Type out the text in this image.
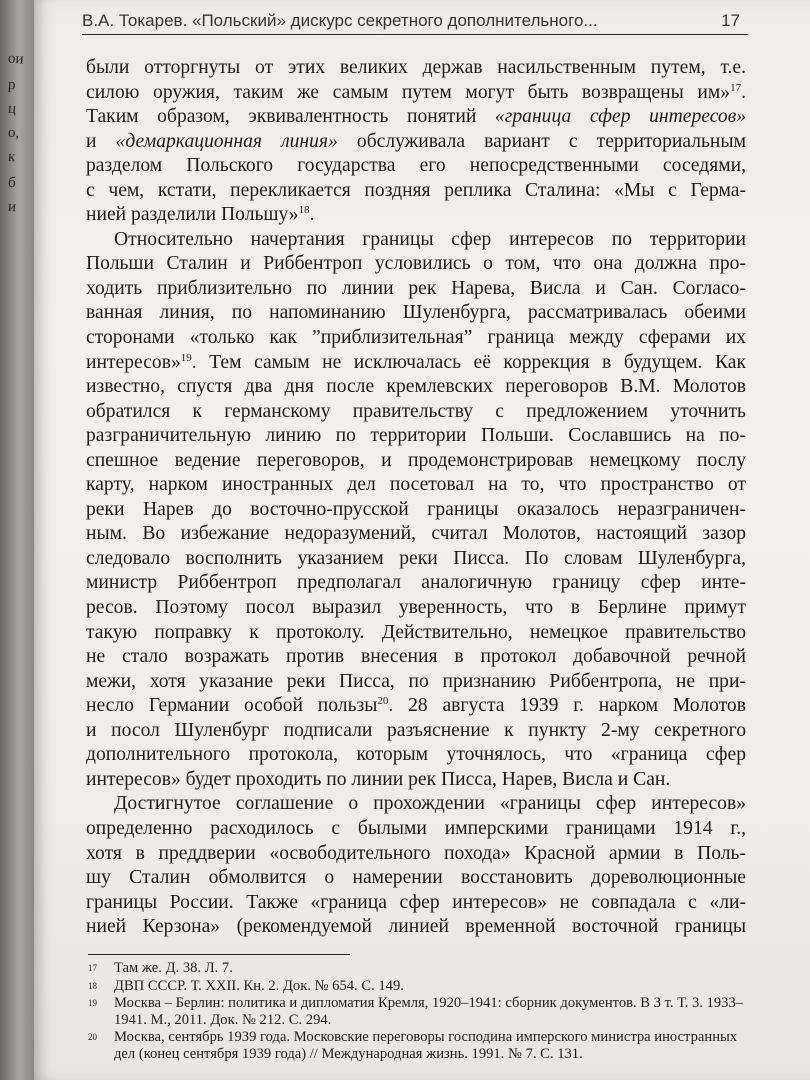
ои
р
ц
о,
к
б
и
В.А. Токарев. «Польский» дискурс секретного дополнительного...	17
были отторгнуты от этих великих держав насильственным путем, т.е.
силою оружия, таким же самым путем могут быть возвращены им»$^{17}$.
Таким образом, эквивалентность понятий «граница сфер интересов»
и «демаркационная линия» обслуживала вариант с территориальным
разделом Польского государства его непосредственными соседями,
с чем, кстати, перекликается поздняя реплика Сталина: «Мы с Герма-
нией разделили Польшу»$^{18}$.
Относительно начертания границы сфер интересов по территории
Польши Сталин и Риббентроп условились о том, что она должна про-
ходить приблизительно по линии рек Нарева, Висла и Сан. Согласо-
ванная линия, по напоминанию Шуленбурга, рассматривалась обеими
сторонами «только как ”приблизительная” граница между сферами их
интересов»$^{19}$. Тем самым не исключалась её коррекция в будущем. Как
известно, спустя два дня после кремлевских переговоров В.М. Молотов
обратился к германскому правительству с предложением уточнить
разграничительную линию по территории Польши. Сославшись на по-
спешное ведение переговоров, и продемонстрировав немецкому послу
карту, нарком иностранных дел посетовал на то, что пространство от
реки Нарев до восточно-прусской границы оказалось неразграничен-
ным. Во избежание недоразумений, считал Молотов, настоящий зазор
следовало восполнить указанием реки Писса. По словам Шуленбурга,
министр Риббентроп предполагал аналогичную границу сфер инте-
ресов. Поэтому посол выразил уверенность, что в Берлине примут
такую поправку к протоколу. Действительно, немецкое правительство
не стало возражать против внесения в протокол добавочной речной
межи, хотя указание реки Писса, по признанию Риббентропа, не при-
несло Германии особой пользы$^{20}$. 28 августа 1939 г. нарком Молотов
и посол Шуленбург подписали разъяснение к пункту 2-му секретного
дополнительного протокола, которым уточнялось, что «граница сфер
интересов» будет проходить по линии рек Писса, Нарев, Висла и Сан.
Достигнутое соглашение о прохождении «границы сфер интересов»
определенно расходилось с былыми имперскими границами 1914 г.,
хотя в преддверии «освободительного похода» Красной армии в Поль-
шу Сталин обмолвится о намерении восстановить дореволюционные
границы России. Также «граница сфер интересов» не совпадала с «ли-
нией Керзона» (рекомендуемой линией временной восточной границы
17 Там же. Д. 38. Л. 7.
18 ДВП СССР. Т. XXII. Кн. 2. Док. № 654. С. 149.
19 Москва – Берлин: политика и дипломатия Кремля, 1920–1941: сборник документов. В 3 т. Т. 3. 1933–1941. М., 2011. Док. № 212. С. 294.
20 Москва, сентябрь 1939 года. Московские переговоры господина имперского министра иностранных дел (конец сентября 1939 года) // Международная жизнь. 1991. № 7. С. 131.
